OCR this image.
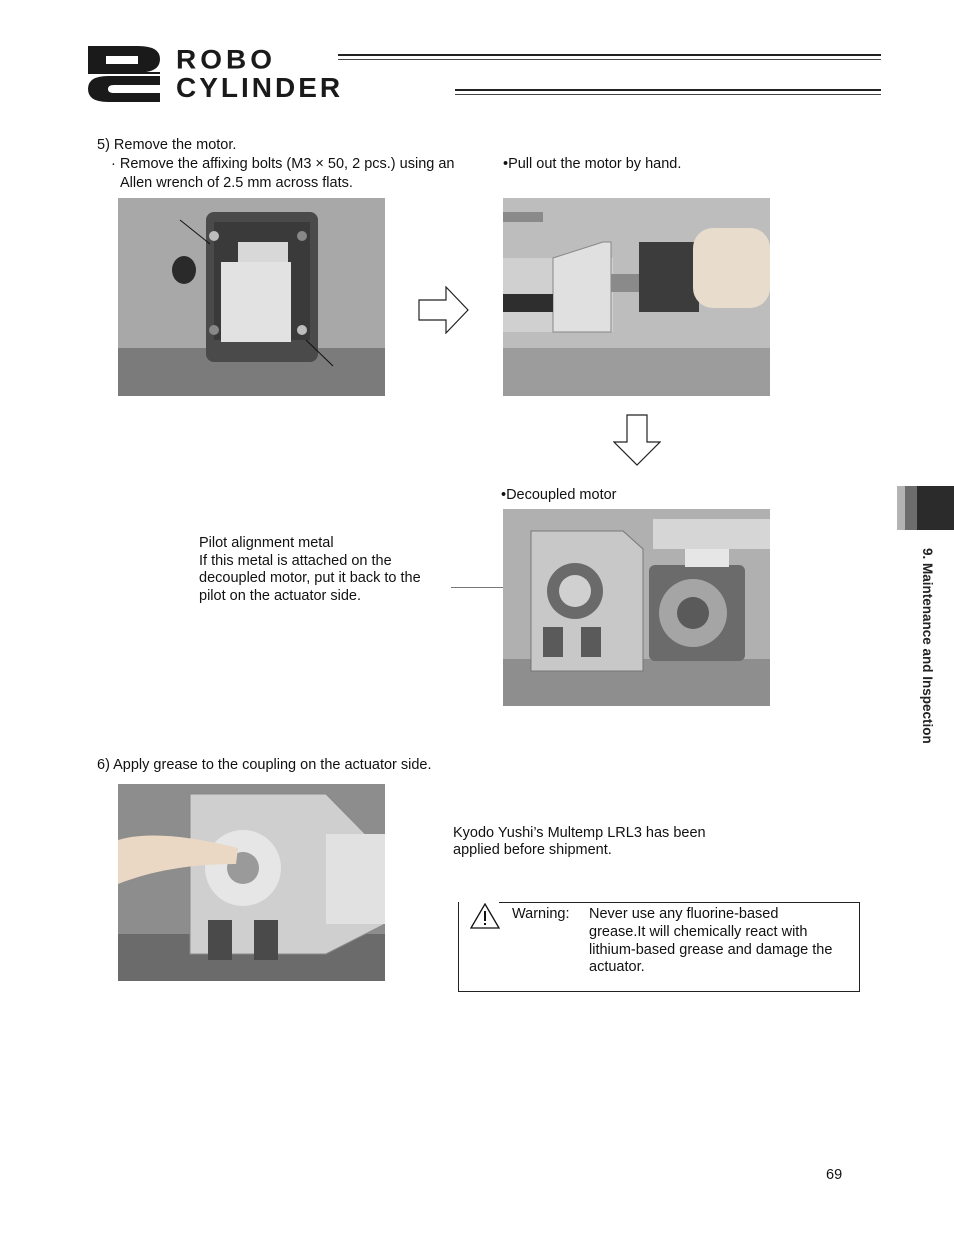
ROBO
CYLINDER
5) Remove the motor.
· Remove the affixing bolts (M3 × 50, 2 pcs.) using an
Allen wrench of 2.5 mm across flats.
•Pull out the motor by hand.
•Decoupled motor
Pilot alignment metal
If this metal is attached on the
decoupled motor, put it back to the
pilot on the actuator side.
6) Apply grease to the coupling on the actuator side.
Kyodo Yushi’s Multemp LRL3 has been
applied before shipment.
Warning: Never use any fluorine-based
grease.It will chemically react with
lithium-based grease and damage the
actuator.
9. Maintenance and Inspection
69
